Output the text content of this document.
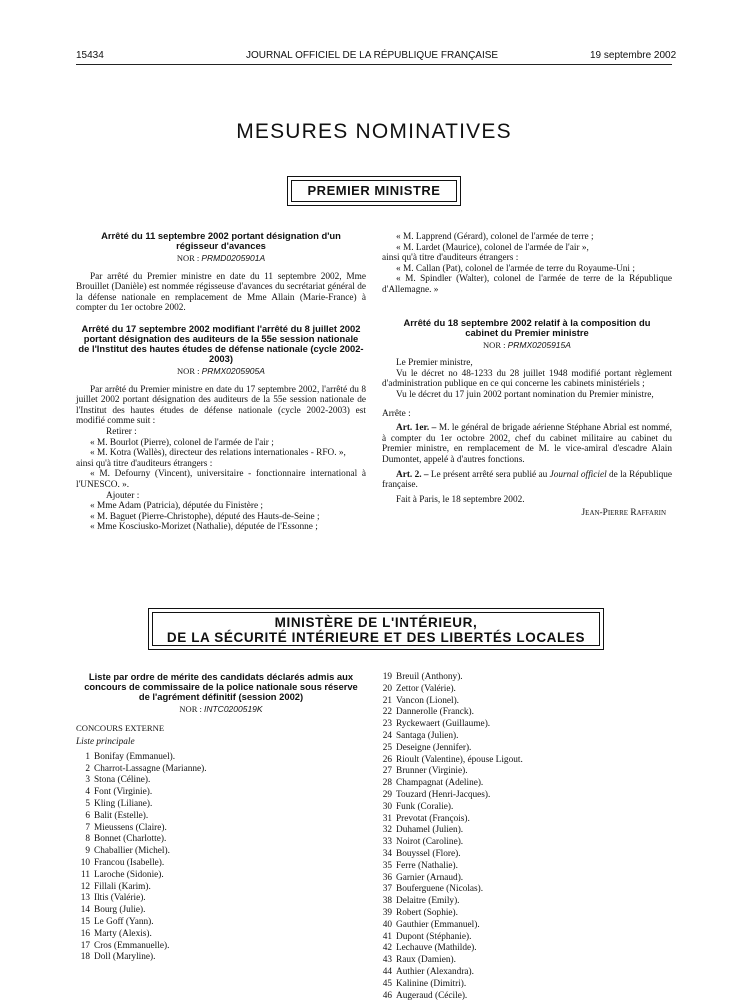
15434	JOURNAL OFFICIEL DE LA RÉPUBLIQUE FRANÇAISE	19 septembre 2002
MESURES NOMINATIVES
PREMIER MINISTRE
Arrêté du 11 septembre 2002 portant désignation d'un régisseur d'avances
NOR : PRMD0205901A

Par arrêté du Premier ministre en date du 11 septembre 2002, Mme Brouillet (Danièle) est nommée régisseuse d'avances du secrétariat général de la défense nationale en remplacement de Mme Allain (Marie-France) à compter du 1er octobre 2002.

Arrêté du 17 septembre 2002 modifiant l'arrêté du 8 juillet 2002 portant désignation des auditeurs de la 55e session nationale de l'Institut des hautes études de défense nationale (cycle 2002-2003)
NOR : PRMX0205905A

Par arrêté du Premier ministre en date du 17 septembre 2002, l'arrêté du 8 juillet 2002 portant désignation des auditeurs de la 55e session nationale de l'Institut des hautes études de défense nationale (cycle 2002-2003) est modifié comme suit :

Retirer :

« M. Bourlot (Pierre), colonel de l'armée de l'air ;

« M. Kotra (Wallès), directeur des relations internationales - RFO. »,

ainsi qu'à titre d'auditeurs étrangers :

« M. Defourny (Vincent), universitaire - fonctionnaire international à l'UNESCO. ».

Ajouter :

« Mme Adam (Patricia), députée du Finistère ;

« M. Baguet (Pierre-Christophe), député des Hauts-de-Seine ;

« Mme Kosciusko-Morizet (Nathalie), députée de l'Essonne ;

« M. Lapprend (Gérard), colonel de l'armée de terre ;

« M. Lardet (Maurice), colonel de l'armée de l'air »,

ainsi qu'à titre d'auditeurs étrangers :

« M. Callan (Pat), colonel de l'armée de terre du Royaume-Uni ;

« M. Spindler (Walter), colonel de l'armée de terre de la République d'Allemagne. »

Arrêté du 18 septembre 2002 relatif à la composition du cabinet du Premier ministre
NOR : PRMX0205915A

Le Premier ministre,

Vu le décret no 48-1233 du 28 juillet 1948 modifié portant règlement d'administration publique en ce qui concerne les cabinets ministériels ;

Vu le décret du 17 juin 2002 portant nomination du Premier ministre,

Arrête :

Art. 1er. – M. le général de brigade aérienne Stéphane Abrial est nommé, à compter du 1er octobre 2002, chef du cabinet militaire au cabinet du Premier ministre, en remplacement de M. le vice-amiral d'escadre Alain Dumontet, appelé à d'autres fonctions.

Art. 2. – Le présent arrêté sera publié au Journal officiel de la République française.

Fait à Paris, le 18 septembre 2002.

Jean-Pierre Raffarin

MINISTÈRE DE L'INTÉRIEUR,
DE LA SÉCURITÉ INTÉRIEURE ET DES LIBERTÉS LOCALES
Liste par ordre de mérite des candidats déclarés admis aux concours de commissaire de la police nationale sous réserve de l'agrément définitif (session 2002)
NOR : INTC0200519K

CONCOURS EXTERNE

Liste principale

1 Bonifay (Emmanuel).
2 Charrot-Lassagne (Marianne).
3 Stona (Céline).
4 Font (Virginie).
5 Kling (Liliane).
6 Balit (Estelle).
7 Mieussens (Claire).
8 Bonnet (Charlotte).
9 Chaballier (Michel).
10 Francou (Isabelle).
11 Laroche (Sidonie).
12 Fillali (Karim).
13 Iltis (Valérie).
14 Bourg (Julie).
15 Le Goff (Yann).
16 Marty (Alexis).
17 Cros (Emmanuelle).
18 Doll (Maryline).
19 Breuil (Anthony).
20 Zettor (Valérie).
21 Vancon (Lionel).
22 Dannerolle (Franck).
23 Ryckewaert (Guillaume).
24 Santaga (Julien).
25 Deseigne (Jennifer).
26 Rioult (Valentine), épouse Ligout.
27 Brunner (Virginie).
28 Champagnat (Adeline).
29 Touzard (Henri-Jacques).
30 Funk (Coralie).
31 Prevotat (François).
32 Duhamel (Julien).
33 Noirot (Caroline).
34 Bouyssel (Flore).
35 Ferre (Nathalie).
36 Garnier (Arnaud).
37 Bouferguene (Nicolas).
38 Delaitre (Emily).
39 Robert (Sophie).
40 Gauthier (Emmanuel).
41 Dupont (Stéphanie).
42 Lechauve (Mathilde).
43 Raux (Damien).
44 Authier (Alexandra).
45 Kalinine (Dimitri).
46 Augeraud (Cécile).
